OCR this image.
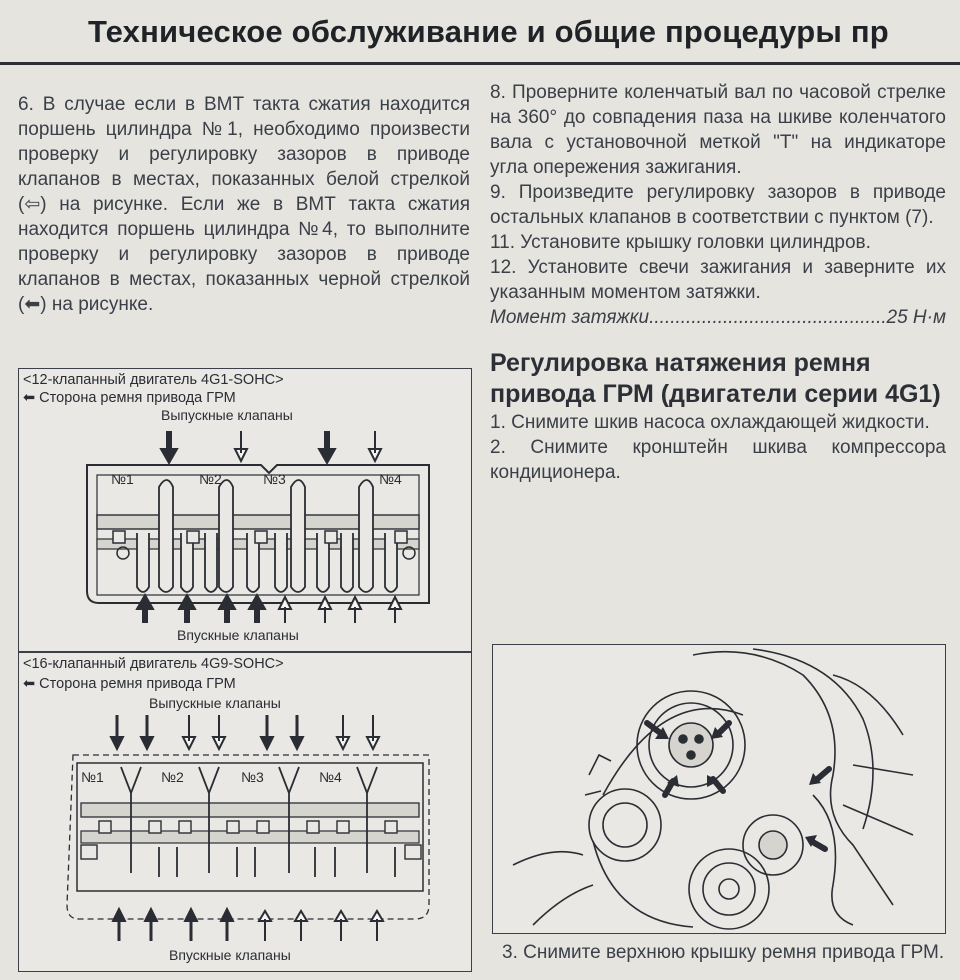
Техническое обслуживание и общие процедуры пр

6. В случае если в ВМТ такта сжатия находится поршень цилиндра №1, необходимо произвести проверку и регулировку зазоров в приводе клапанов в местах, показанных белой стрелкой (⇦) на рисунке. Если же в ВМТ такта сжатия находится поршень цилиндра №4, то выполните проверку и регулировку зазоров в приводе клапанов в местах, показанных черной стрелкой (⬅) на рисунке.

<12-клапанный двигатель 4G1-SOHC>
⬅ Сторона ремня привода ГРМ
Выпускные клапаны
№1	№2	№3	№4
Впускные клапаны
<16-клапанный двигатель 4G9-SOHC>
⬅ Сторона ремня привода ГРМ
Выпускные клапаны
№1	№2	№3	№4
Впускные клапаны

8. Проверните коленчатый вал по часовой стрелке на 360° до совпадения паза на шкиве коленчатого вала с установочной меткой "T" на индикаторе угла опережения зажигания.

9. Произведите регулировку зазоров в приводе остальных клапанов в соответствии с пунктом (7).

11. Установите крышку головки цилиндров.

12. Установите свечи зажигания и заверните их указанным моментом затяжки.

Момент затяжки
.....	25 Н·м

Регулировка натяжения ремня привода ГРМ (двигатели серии 4G1)

1. Снимите шкив насоса охлаждающей жидкости.

2. Снимите кронштейн шкива компрессора кондиционера.

3. Снимите верхнюю крышку ремня привода ГРМ.
